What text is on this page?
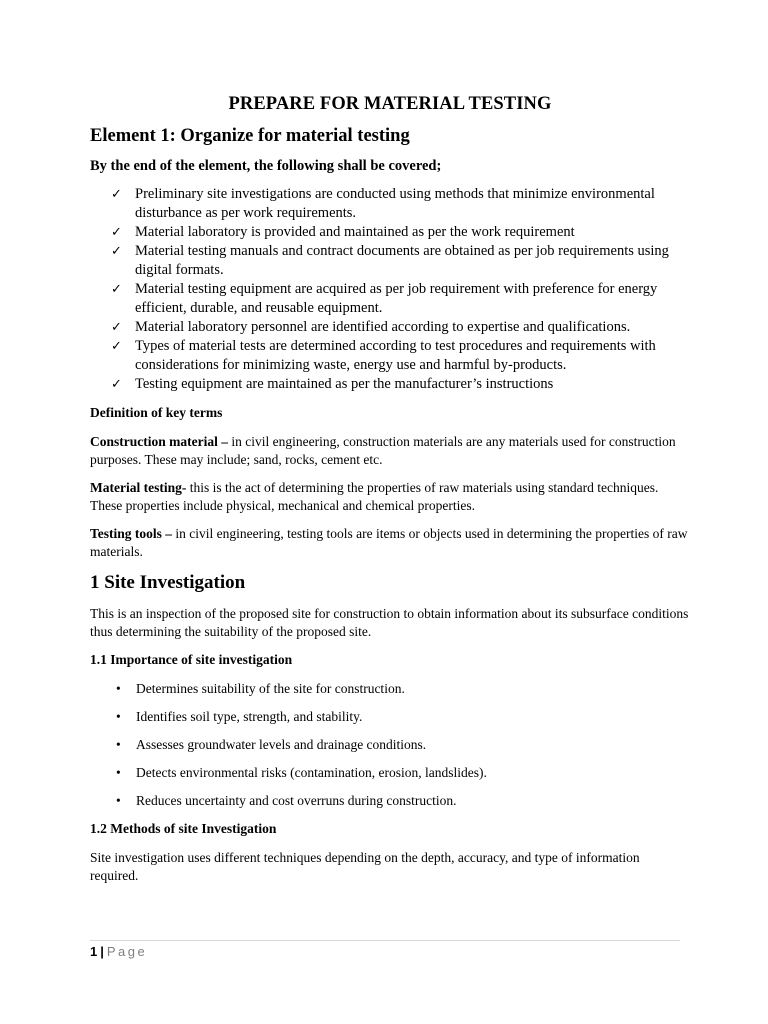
PREPARE FOR MATERIAL TESTING
Element 1: Organize for material testing
By the end of the element, the following shall be covered;
✓ Preliminary site investigations are conducted using methods that minimize environmental disturbance as per work requirements.
✓ Material laboratory is provided and maintained as per the work requirement
✓ Material testing manuals and contract documents are obtained as per job requirements using digital formats.
✓ Material testing equipment are acquired as per job requirement with preference for energy efficient, durable, and reusable equipment.
✓ Material laboratory personnel are identified according to expertise and qualifications.
✓ Types of material tests are determined according to test procedures and requirements with considerations for minimizing waste, energy use and harmful by-products.
✓ Testing equipment are maintained as per the manufacturer’s instructions
Definition of key terms

Construction material – in civil engineering, construction materials are any materials used for construction purposes. These may include; sand, rocks, cement etc.

Material testing- this is the act of determining the properties of raw materials using standard techniques. These properties include physical, mechanical and chemical properties.

Testing tools – in civil engineering, testing tools are items or objects used in determining the properties of raw materials.

1 Site Investigation

This is an inspection of the proposed site for construction to obtain information about its subsurface conditions thus determining the suitability of the proposed site.

1.1 Importance of site investigation
• Determines suitability of the site for construction.
• Identifies soil type, strength, and stability.
• Assesses groundwater levels and drainage conditions.
• Detects environmental risks (contamination, erosion, landslides).
• Reduces uncertainty and cost overruns during construction.
1.2 Methods of site Investigation

Site investigation uses different techniques depending on the depth, accuracy, and type of information required.

1 | Page
